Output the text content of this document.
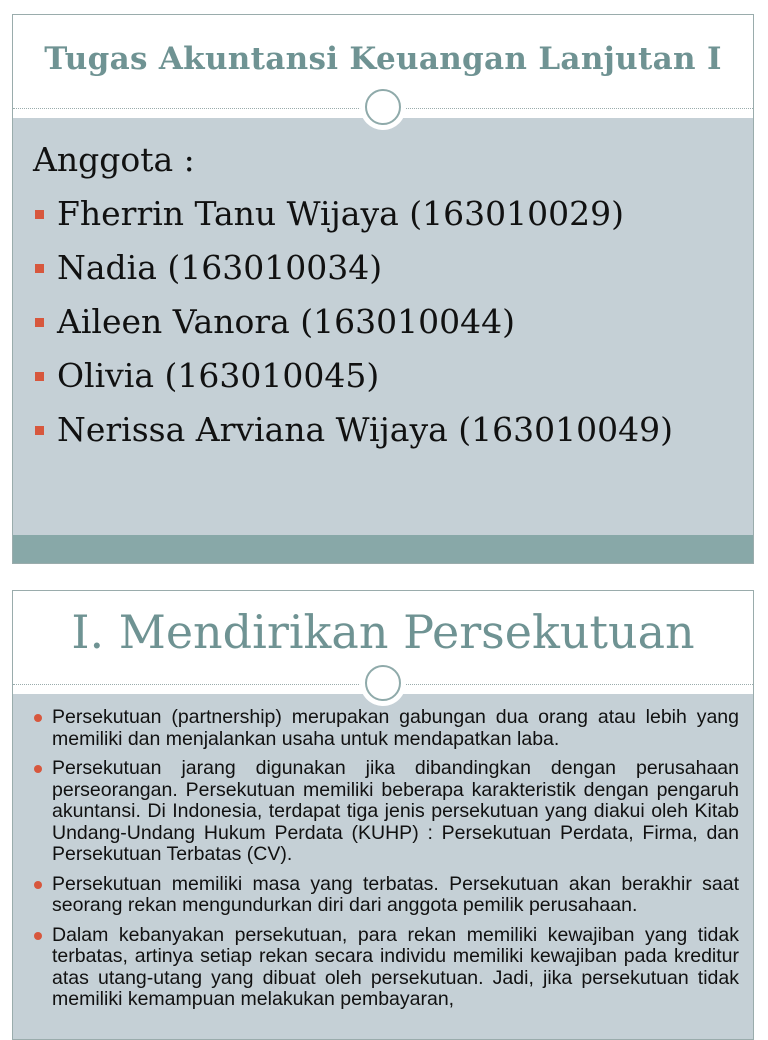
Tugas Akuntansi Keuangan Lanjutan I
Anggota :
Fherrin Tanu Wijaya (163010029)
Nadia (163010034)
Aileen Vanora (163010044)
Olivia (163010045)
Nerissa Arviana Wijaya (163010049)
I. Mendirikan Persekutuan
Persekutuan (partnership) merupakan gabungan dua orang atau lebih yang memiliki dan menjalankan usaha untuk mendapatkan laba.
Persekutuan jarang digunakan jika dibandingkan dengan perusahaan perseorangan. Persekutuan memiliki beberapa karakteristik dengan pengaruh akuntansi. Di Indonesia, terdapat tiga jenis persekutuan yang diakui oleh Kitab Undang-Undang Hukum Perdata (KUHP) : Persekutuan Perdata, Firma, dan Persekutuan Terbatas (CV).
Persekutuan memiliki masa yang terbatas. Persekutuan akan berakhir saat seorang rekan mengundurkan diri dari anggota pemilik perusahaan.
Dalam kebanyakan persekutuan, para rekan memiliki kewajiban yang tidak terbatas, artinya setiap rekan secara individu memiliki kewajiban pada kreditur atas utang-utang yang dibuat oleh persekutuan. Jadi, jika persekutuan tidak memiliki kemampuan melakukan pembayaran,
